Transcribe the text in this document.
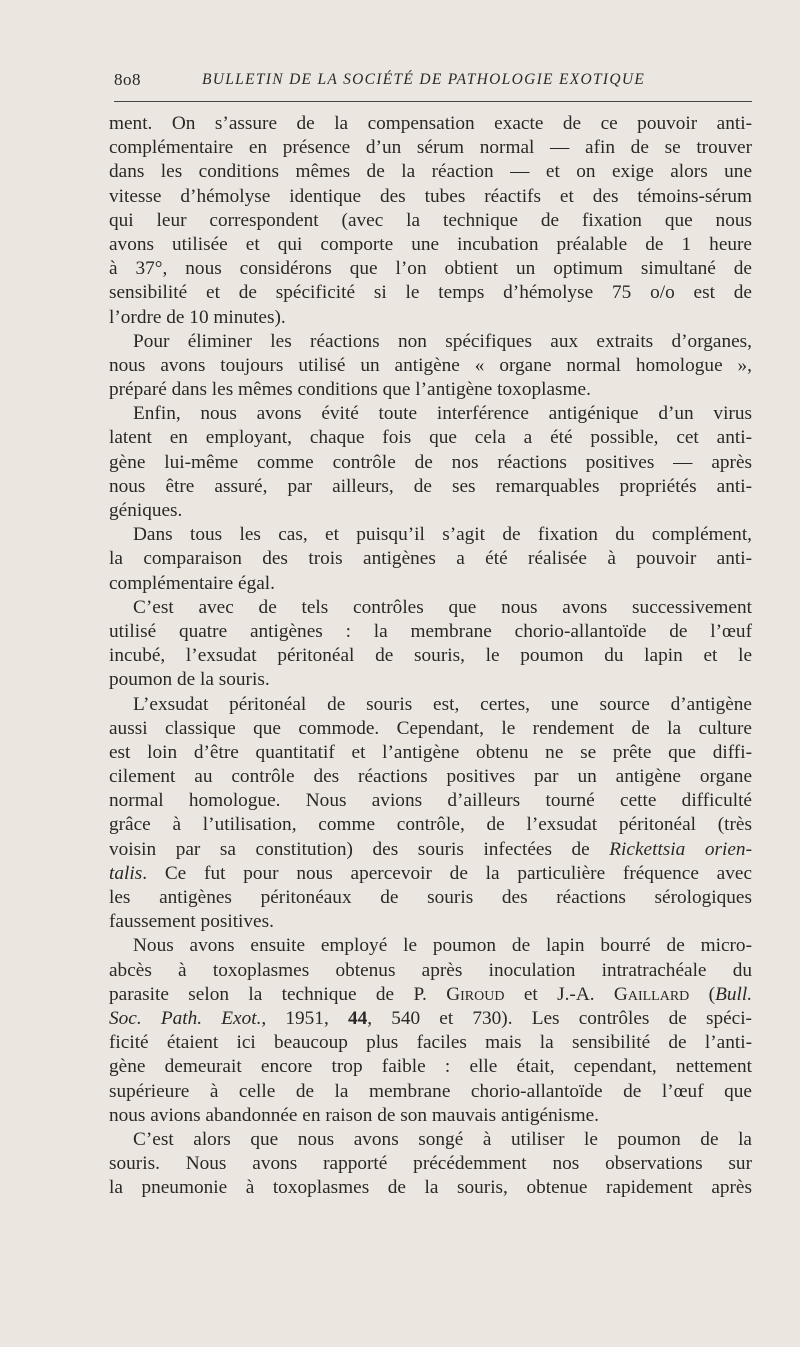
8o8	BULLETIN DE LA SOCIÉTÉ DE PATHOLOGIE EXOTIQUE
ment. On s’assure de la compensation exacte de ce pouvoir anti-
complémentaire en présence d’un sérum normal — afin de se trouver
dans les conditions mêmes de la réaction — et on exige alors une
vitesse d’hémolyse identique des tubes réactifs et des témoins-sérum
qui leur correspondent (avec la technique de fixation que nous
avons utilisée et qui comporte une incubation préalable de 1 heure
à 37°, nous considérons que l’on obtient un optimum simultané de
sensibilité et de spécificité si le temps d’hémolyse 75 o/o est de
l’ordre de 10 minutes).
Pour éliminer les réactions non spécifiques aux extraits d’organes,
nous avons toujours utilisé un antigène « organe normal homologue »,
préparé dans les mêmes conditions que l’antigène toxoplasme.
Enfin, nous avons évité toute interférence antigénique d’un virus
latent en employant, chaque fois que cela a été possible, cet anti-
gène lui-même comme contrôle de nos réactions positives — après
nous être assuré, par ailleurs, de ses remarquables propriétés anti-
géniques.
Dans tous les cas, et puisqu’il s’agit de fixation du complément,
la comparaison des trois antigènes a été réalisée à pouvoir anti-
complémentaire égal.
C’est avec de tels contrôles que nous avons successivement
utilisé quatre antigènes : la membrane chorio-allantoïde de l’œuf
incubé, l’exsudat péritonéal de souris, le poumon du lapin et le
poumon de la souris.
L’exsudat péritonéal de souris est, certes, une source d’antigène
aussi classique que commode. Cependant, le rendement de la culture
est loin d’être quantitatif et l’antigène obtenu ne se prête que diffi-
cilement au contrôle des réactions positives par un antigène organe
normal homologue. Nous avions d’ailleurs tourné cette difficulté
grâce à l’utilisation, comme contrôle, de l’exsudat péritonéal (très
voisin par sa constitution) des souris infectées de Rickettsia orien-
talis. Ce fut pour nous apercevoir de la particulière fréquence avec
les antigènes péritonéaux de souris des réactions sérologiques
faussement positives.
Nous avons ensuite employé le poumon de lapin bourré de micro-
abcès à toxoplasmes obtenus après inoculation intratrachéale du
parasite selon la technique de P. Giroud et J.-A. Gaillard (Bull.
Soc. Path. Exot., 1951, 44, 540 et 730). Les contrôles de spéci-
ficité étaient ici beaucoup plus faciles mais la sensibilité de l’anti-
gène demeurait encore trop faible : elle était, cependant, nettement
supérieure à celle de la membrane chorio-allantoïde de l’œuf que
nous avions abandonnée en raison de son mauvais antigénisme.
C’est alors que nous avons songé à utiliser le poumon de la
souris. Nous avons rapporté précédemment nos observations sur
la pneumonie à toxoplasmes de la souris, obtenue rapidement après
